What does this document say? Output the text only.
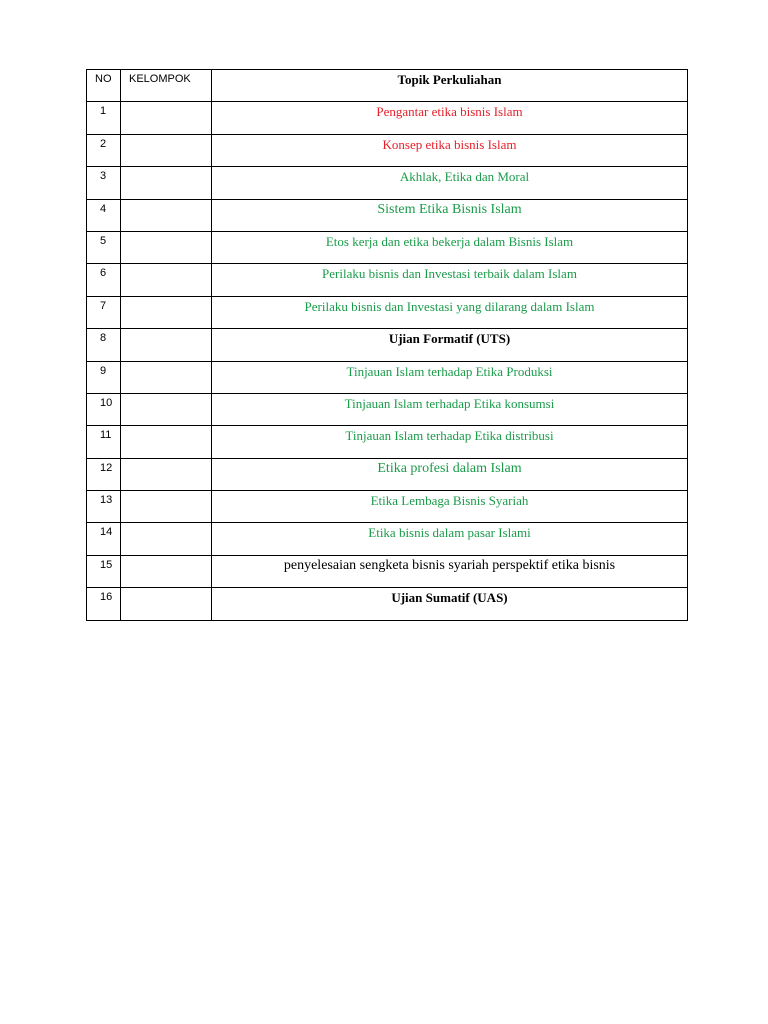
NO	KELOMPOK	Topik Perkuliahan
1		Pengantar etika bisnis Islam
2		Konsep etika bisnis Islam
3		Akhlak, Etika dan Moral
4		Sistem Etika Bisnis Islam
5		Etos kerja dan etika bekerja dalam Bisnis Islam
6		Perilaku bisnis dan Investasi terbaik dalam Islam
7		Perilaku bisnis dan Investasi yang dilarang dalam Islam
8		Ujian Formatif (UTS)
9		Tinjauan Islam terhadap Etika Produksi
10		Tinjauan Islam terhadap Etika konsumsi
11		Tinjauan Islam terhadap Etika distribusi
12		Etika profesi dalam Islam
13		Etika Lembaga Bisnis Syariah
14		Etika bisnis dalam pasar Islami
15		penyelesaian sengketa bisnis syariah perspektif etika bisnis
16		Ujian Sumatif (UAS)
